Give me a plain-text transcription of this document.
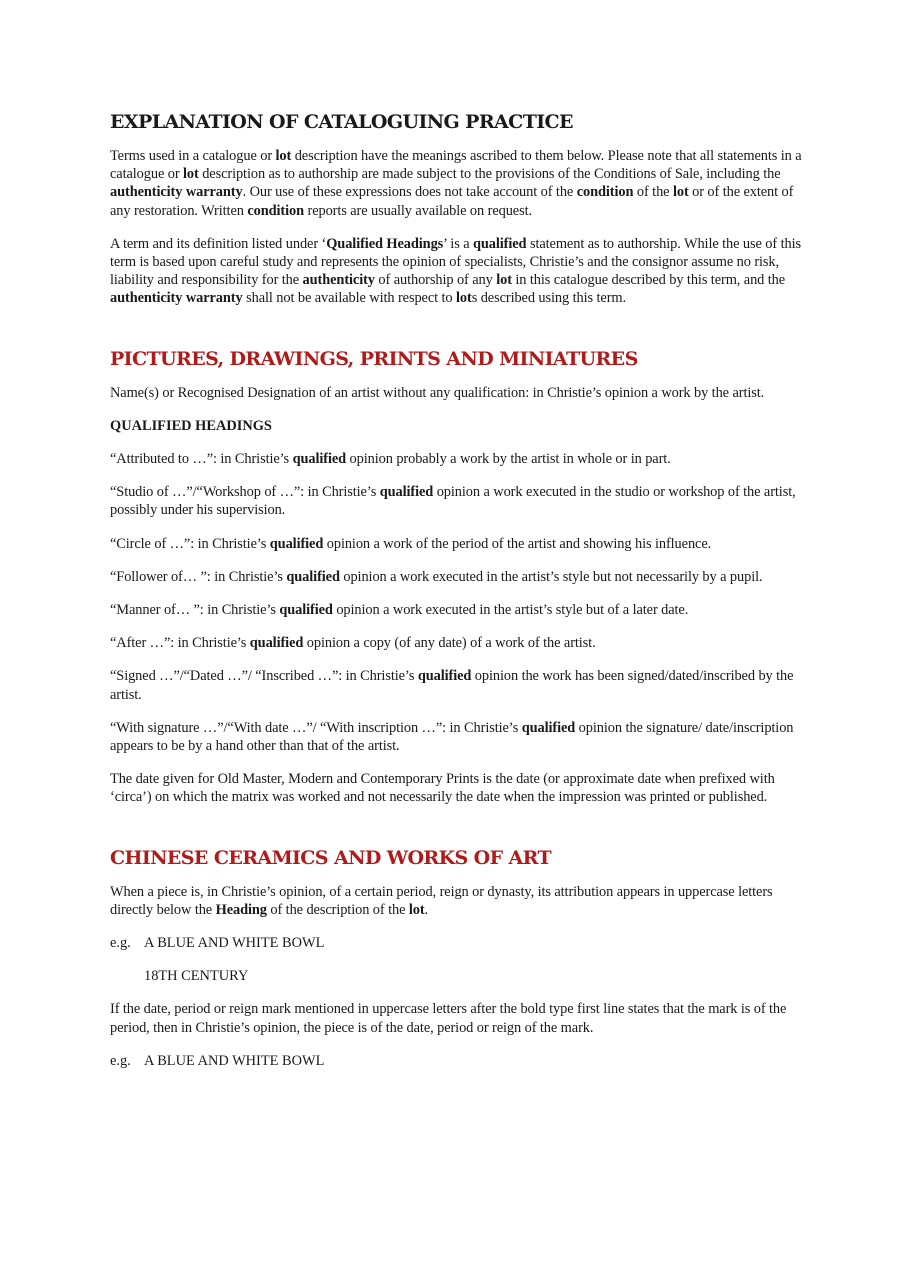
EXPLANATION OF CATALOGUING PRACTICE

Terms used in a catalogue or lot description have the meanings ascribed to them below. Please note that all statements in a catalogue or lot description as to authorship are made subject to the provisions of the Conditions of Sale, including the authenticity warranty. Our use of these expressions does not take account of the condition of the lot or of the extent of any restoration. Written condition reports are usually available on request.

A term and its definition listed under ‘Qualified Headings’ is a qualified statement as to authorship. While the use of this term is based upon careful study and represents the opinion of specialists, Christie’s and the consignor assume no risk, liability and responsibility for the authenticity of authorship of any lot in this catalogue described by this term, and the authenticity warranty shall not be available with respect to lots described using this term.

PICTURES, DRAWINGS, PRINTS AND MINIATURES

Name(s) or Recognised Designation of an artist without any qualification: in Christie’s opinion a work by the artist.

QUALIFIED HEADINGS

“Attributed to …”: in Christie’s qualified opinion probably a work by the artist in whole or in part.

“Studio of …”/“Workshop of …”: in Christie’s qualified opinion a work executed in the studio or workshop of the artist, possibly under his supervision.

“Circle of …”: in Christie’s qualified opinion a work of the period of the artist and showing his influence.

“Follower of… ”: in Christie’s qualified opinion a work executed in the artist’s style but not necessarily by a pupil.

“Manner of… ”: in Christie’s qualified opinion a work executed in the artist’s style but of a later date.

“After …”: in Christie’s qualified opinion a copy (of any date) of a work of the artist.

“Signed …”/“Dated …”/ “Inscribed …”: in Christie’s qualified opinion the work has been signed/dated/inscribed by the artist.

“With signature …”/“With date …”/ “With inscription …”: in Christie’s qualified opinion the signature/ date/inscription appears to be by a hand other than that of the artist.

The date given for Old Master, Modern and Contemporary Prints is the date (or approximate date when prefixed with ‘circa’) on which the matrix was worked and not necessarily the date when the impression was printed or published.

CHINESE CERAMICS AND WORKS OF ART

When a piece is, in Christie’s opinion, of a certain period, reign or dynasty, its attribution appears in uppercase letters directly below the Heading of the description of the lot.

e.g. A BLUE AND WHITE BOWL
18TH CENTURY

If the date, period or reign mark mentioned in uppercase letters after the bold type first line states that the mark is of the period, then in Christie’s opinion, the piece is of the date, period or reign of the mark.

e.g. A BLUE AND WHITE BOWL
